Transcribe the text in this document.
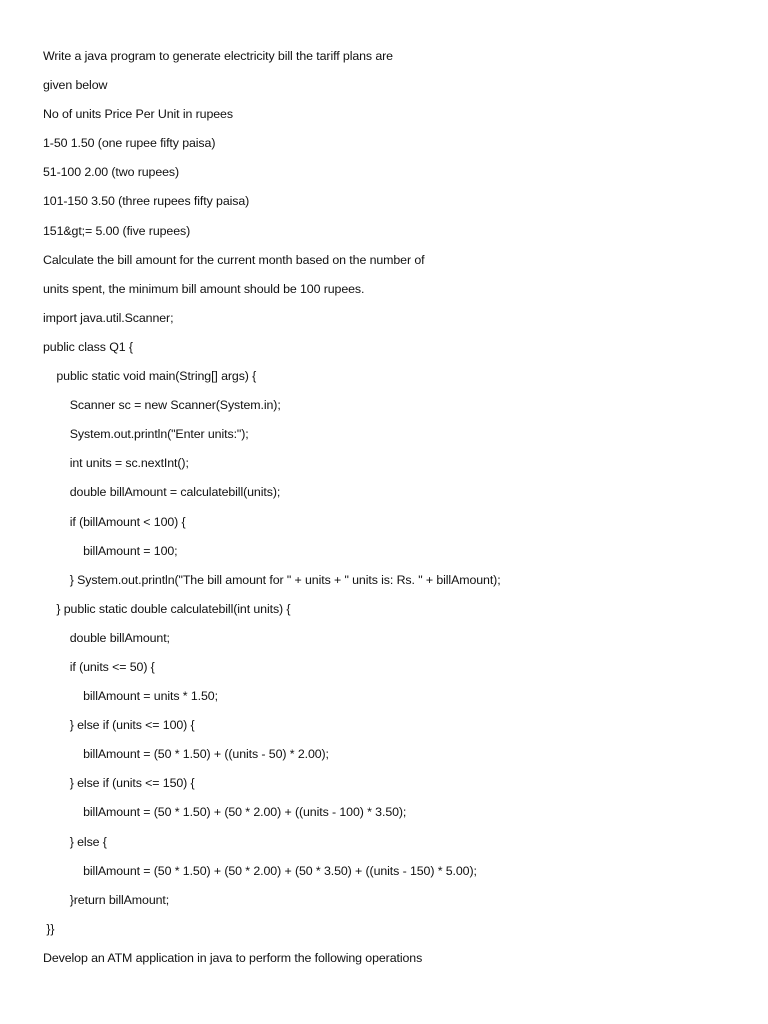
Write a java program to generate electricity bill the tariff plans are
given below
No of units Price Per Unit in rupees
1-50 1.50 (one rupee fifty paisa)
51-100 2.00 (two rupees)
101-150 3.50 (three rupees fifty paisa)
151&gt;= 5.00 (five rupees)
Calculate the bill amount for the current month based on the number of
units spent, the minimum bill amount should be 100 rupees.
import java.util.Scanner;
public class Q1 {
public static void main(String[] args) {
Scanner sc = new Scanner(System.in);
System.out.println("Enter units:");
int units = sc.nextInt();
double billAmount = calculatebill(units);
if (billAmount < 100) {
billAmount = 100;
} System.out.println("The bill amount for " + units + " units is: Rs. " + billAmount);
} public static double calculatebill(int units) {
double billAmount;
if (units <= 50) {
billAmount = units * 1.50;
} else if (units <= 100) {
billAmount = (50 * 1.50) + ((units - 50) * 2.00);
} else if (units <= 150) {
billAmount = (50 * 1.50) + (50 * 2.00) + ((units - 100) * 3.50);
} else {
billAmount = (50 * 1.50) + (50 * 2.00) + (50 * 3.50) + ((units - 150) * 5.00);
}return billAmount;
}}
Develop an ATM application in java to perform the following operations
